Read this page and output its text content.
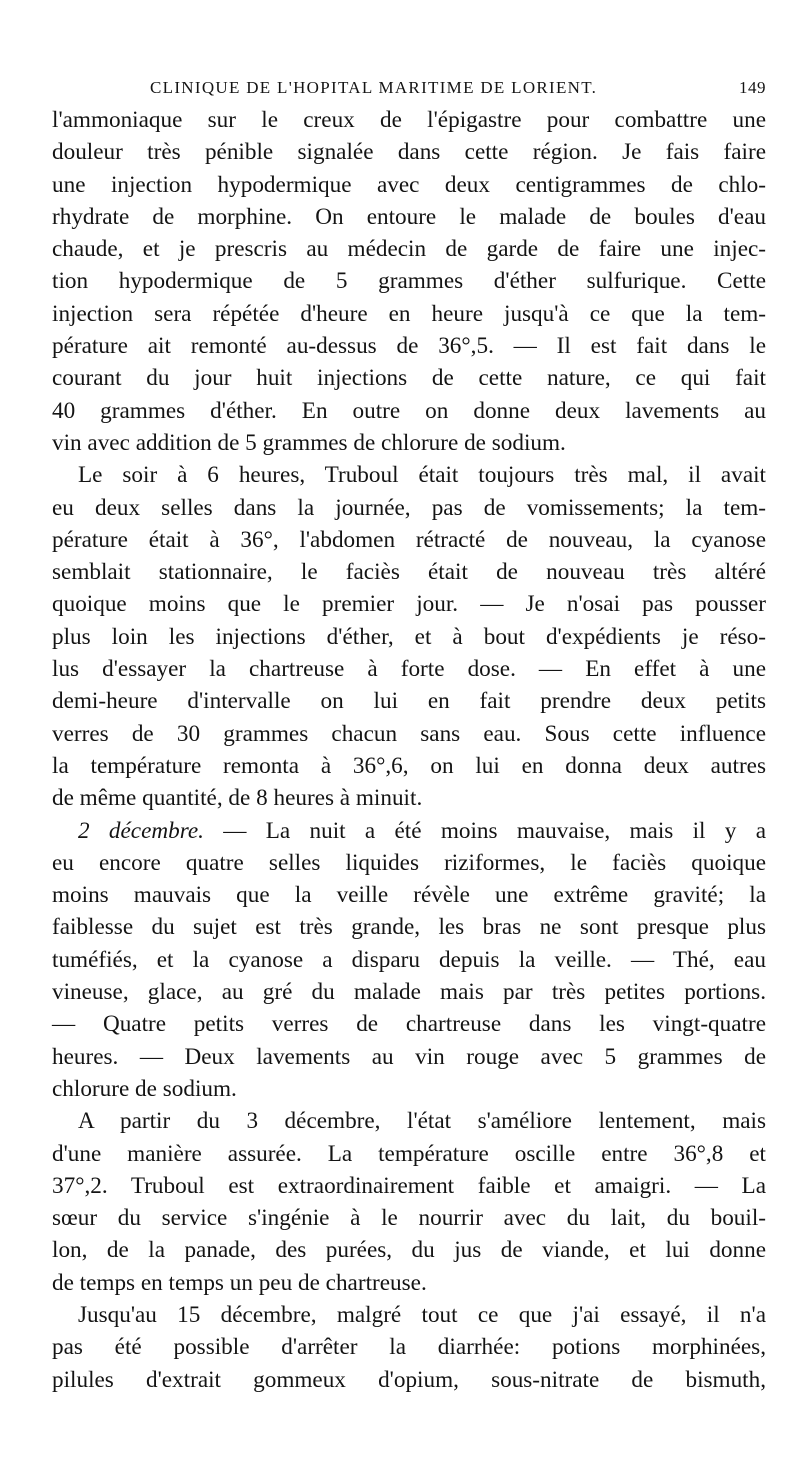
CLINIQUE DE L'HOPITAL MARITIME DE LORIENT.	149

l'ammoniaque sur le creux de l'épigastre pour combattre une
douleur très pénible signalée dans cette région. Je fais faire
une injection hypodermique avec deux centigrammes de chlo-
rhydrate de morphine. On entoure le malade de boules d'eau
chaude, et je prescris au médecin de garde de faire une injec-
tion hypodermique de 5 grammes d'éther sulfurique. Cette
injection sera répétée d'heure en heure jusqu'à ce que la tem-
pérature ait remonté au-dessus de 36°,5. — Il est fait dans le
courant du jour huit injections de cette nature, ce qui fait
40 grammes d'éther. En outre on donne deux lavements au
vin avec addition de 5 grammes de chlorure de sodium.

Le soir à 6 heures, Truboul était toujours très mal, il avait
eu deux selles dans la journée, pas de vomissements; la tem-
pérature était à 36°, l'abdomen rétracté de nouveau, la cyanose
semblait stationnaire, le faciès était de nouveau très altéré
quoique moins que le premier jour. — Je n'osai pas pousser
plus loin les injections d'éther, et à bout d'expédients je réso-
lus d'essayer la chartreuse à forte dose. — En effet à une
demi-heure d'intervalle on lui en fait prendre deux petits
verres de 30 grammes chacun sans eau. Sous cette influence
la température remonta à 36°,6, on lui en donna deux autres
de même quantité, de 8 heures à minuit.

2 décembre. — La nuit a été moins mauvaise, mais il y a
eu encore quatre selles liquides riziformes, le faciès quoique
moins mauvais que la veille révèle une extrême gravité; la
faiblesse du sujet est très grande, les bras ne sont presque plus
tuméfiés, et la cyanose a disparu depuis la veille. — Thé, eau
vineuse, glace, au gré du malade mais par très petites portions.
— Quatre petits verres de chartreuse dans les vingt-quatre
heures. — Deux lavements au vin rouge avec 5 grammes de
chlorure de sodium.

A partir du 3 décembre, l'état s'améliore lentement, mais
d'une manière assurée. La température oscille entre 36°,8 et
37°,2. Truboul est extraordinairement faible et amaigri. — La
sœur du service s'ingénie à le nourrir avec du lait, du bouil-
lon, de la panade, des purées, du jus de viande, et lui donne
de temps en temps un peu de chartreuse.

Jusqu'au 15 décembre, malgré tout ce que j'ai essayé, il n'a
pas été possible d'arrêter la diarrhée: potions morphinées,
pilules d'extrait gommeux d'opium, sous-nitrate de bismuth,
